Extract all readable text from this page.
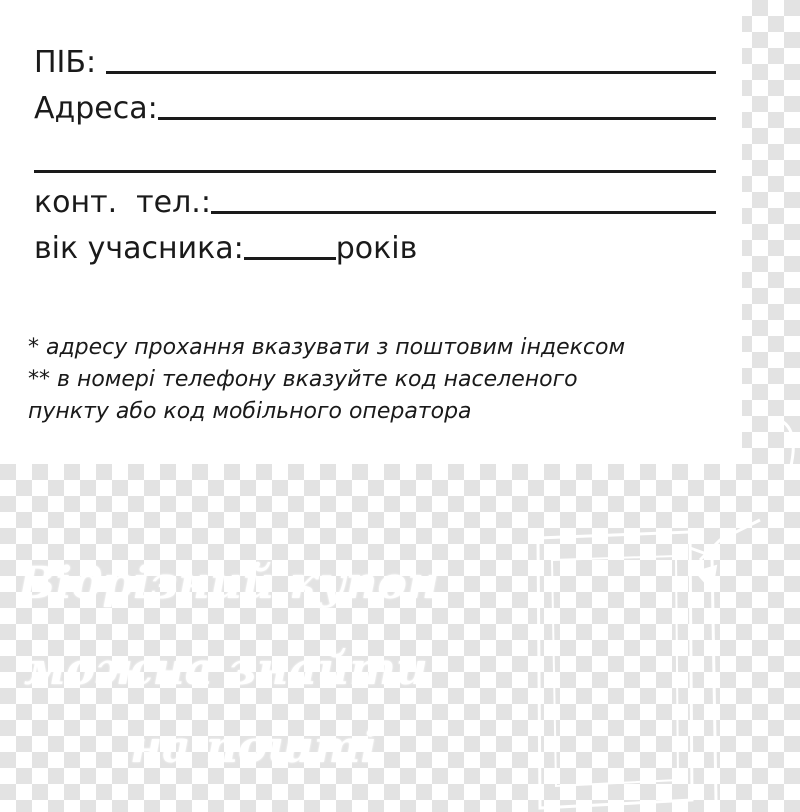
ПІБ:
Адреса:
конт.  тел.:
вік учасника:	років
* адресу прохання вказувати з поштовим індексом
** в номері телефону вказуйте код населеного
пункту або код мобільного оператора
Відрізний купон
можна знайти
на пошті
